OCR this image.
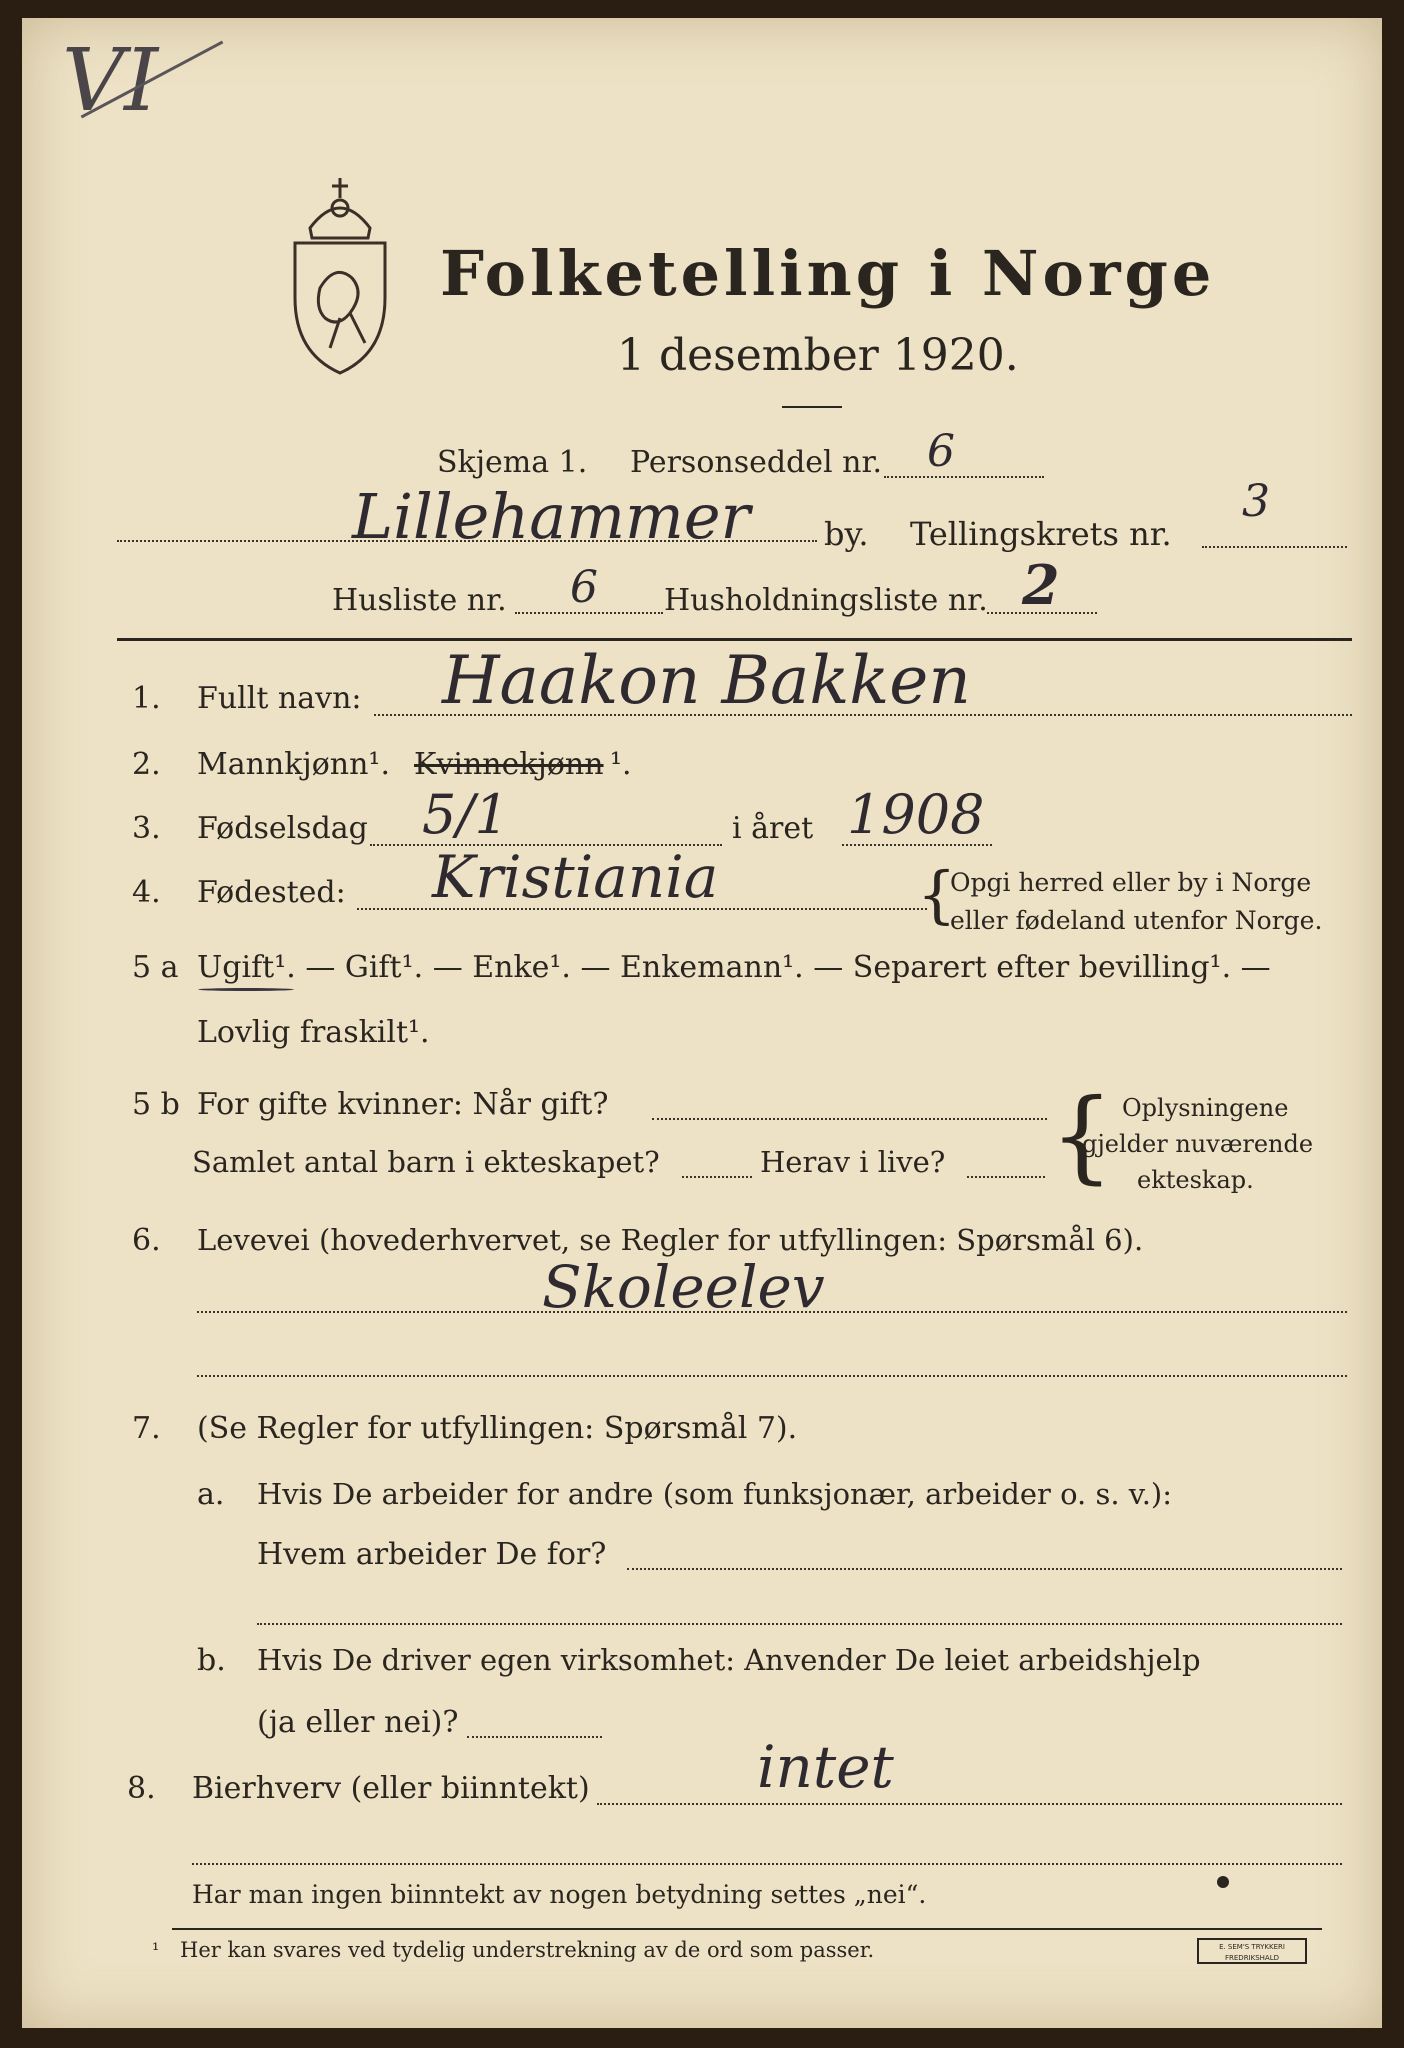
VI
Folketelling i Norge
1 desember 1920.
Skjema 1. Personseddel nr. 6
Lillehammer by. Tellingskrets nr.
3
Husliste nr. 6 Husholdningsliste nr. 2
1. Fullt navn: Haakon Bakken
2. Mannkjønn¹. Kvinnekjønn ¹.
3. Fødselsdag 5/1	i året 1908
4. Fødested: Kristiania	{
Opgi herred eller by i Norge
eller fødeland utenfor Norge.
5 a Ugift¹. — Gift¹. — Enke¹. — Enkemann¹. — Separert efter bevilling¹. —
Lovlig fraskilt¹.
5 b For gifte kvinner: Når gift?
Samlet antal barn i ekteskapet?	Herav i live? { Oplysningene
gjelder nuværende
ekteskap.
6. Levevei (hovederhvervet, se Regler for utfyllingen: Spørsmål 6).
Skoleelev
7. (Se Regler for utfyllingen: Spørsmål 7).
a. Hvis De arbeider for andre (som funksjonær, arbeider o. s. v.):
Hvem arbeider De for?
b. Hvis De driver egen virksomhet: Anvender De leiet arbeidshjelp
(ja eller nei)?
8. Bierhverv (eller biinntekt)	intet
Har man ingen biinntekt av nogen betydning settes „nei“.
¹ Her kan svares ved tydelig understrekning av de ord som passer.	E. SEM'S TRYKKERI FREDRIKSHALD
